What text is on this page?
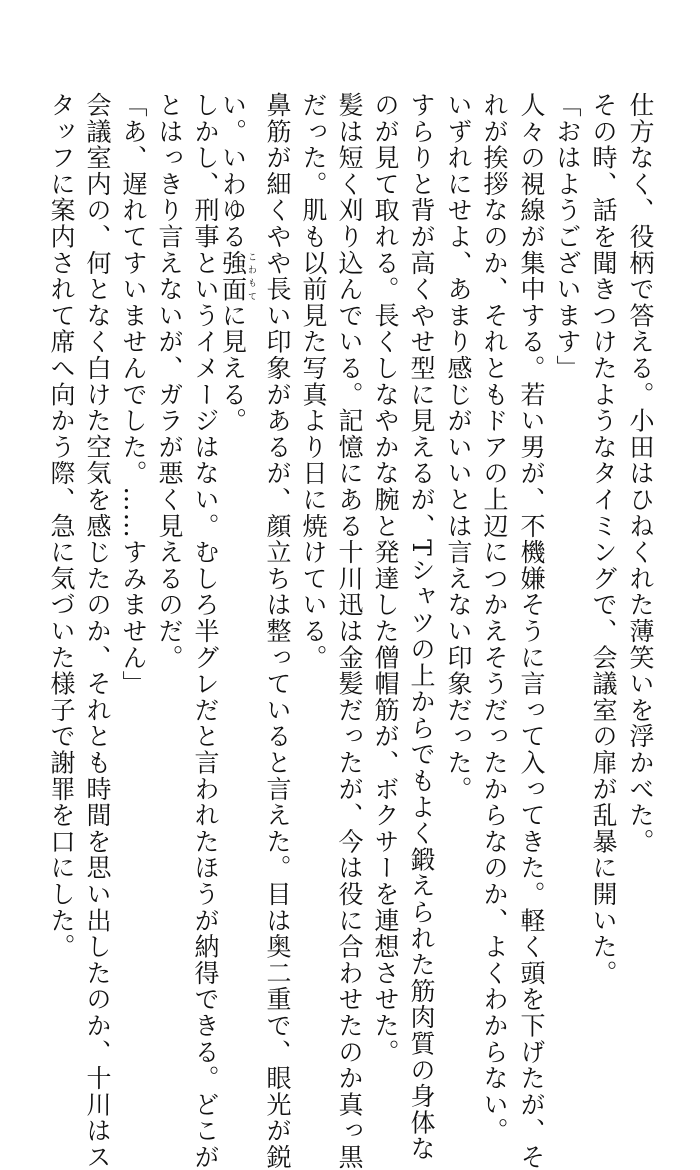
仕方なく、役柄で答える。小田はひねくれた薄笑いを浮かべた。
その時、話を聞きつけたようなタイミングで、会議室の扉が乱暴に開いた。
「おはようございます」
人々の視線が集中する。若い男が、不機嫌そうに言って入ってきた。軽く頭を下げたが、そ
れが挨拶なのか、それともドアの上辺につかえそうだったからなのか、よくわからない。
いずれにせよ、あまり感じがいいとは言えない印象だった。
すらりと背が高くやせ型に見えるが、Tシャツの上からでもよく鍛えられた筋肉質の身体な
のが見て取れる。長くしなやかな腕と発達した僧帽筋が、ボクサーを連想させた。
髪は短く刈り込んでいる。記憶にある十川迅は金髪だったが、今は役に合わせたのか真っ黒
だった。肌も以前見た写真より日に焼けている。
鼻筋が細くやや長い印象があるが、顔立ちは整っていると言えた。目は奥二重で、眼光が鋭
い。いわゆる強面こわもてに見える。
しかし、刑事というイメージはない。むしろ半グレだと言われたほうが納得できる。どこが
とはっきり言えないが、ガラが悪く見えるのだ。
「あ、遅れてすいませんでした。……すみません」
会議室内の、何となく白けた空気を感じたのか、それとも時間を思い出したのか、十川はス
タッフに案内されて席へ向かう際、急に気づいた様子で謝罪を口にした。
